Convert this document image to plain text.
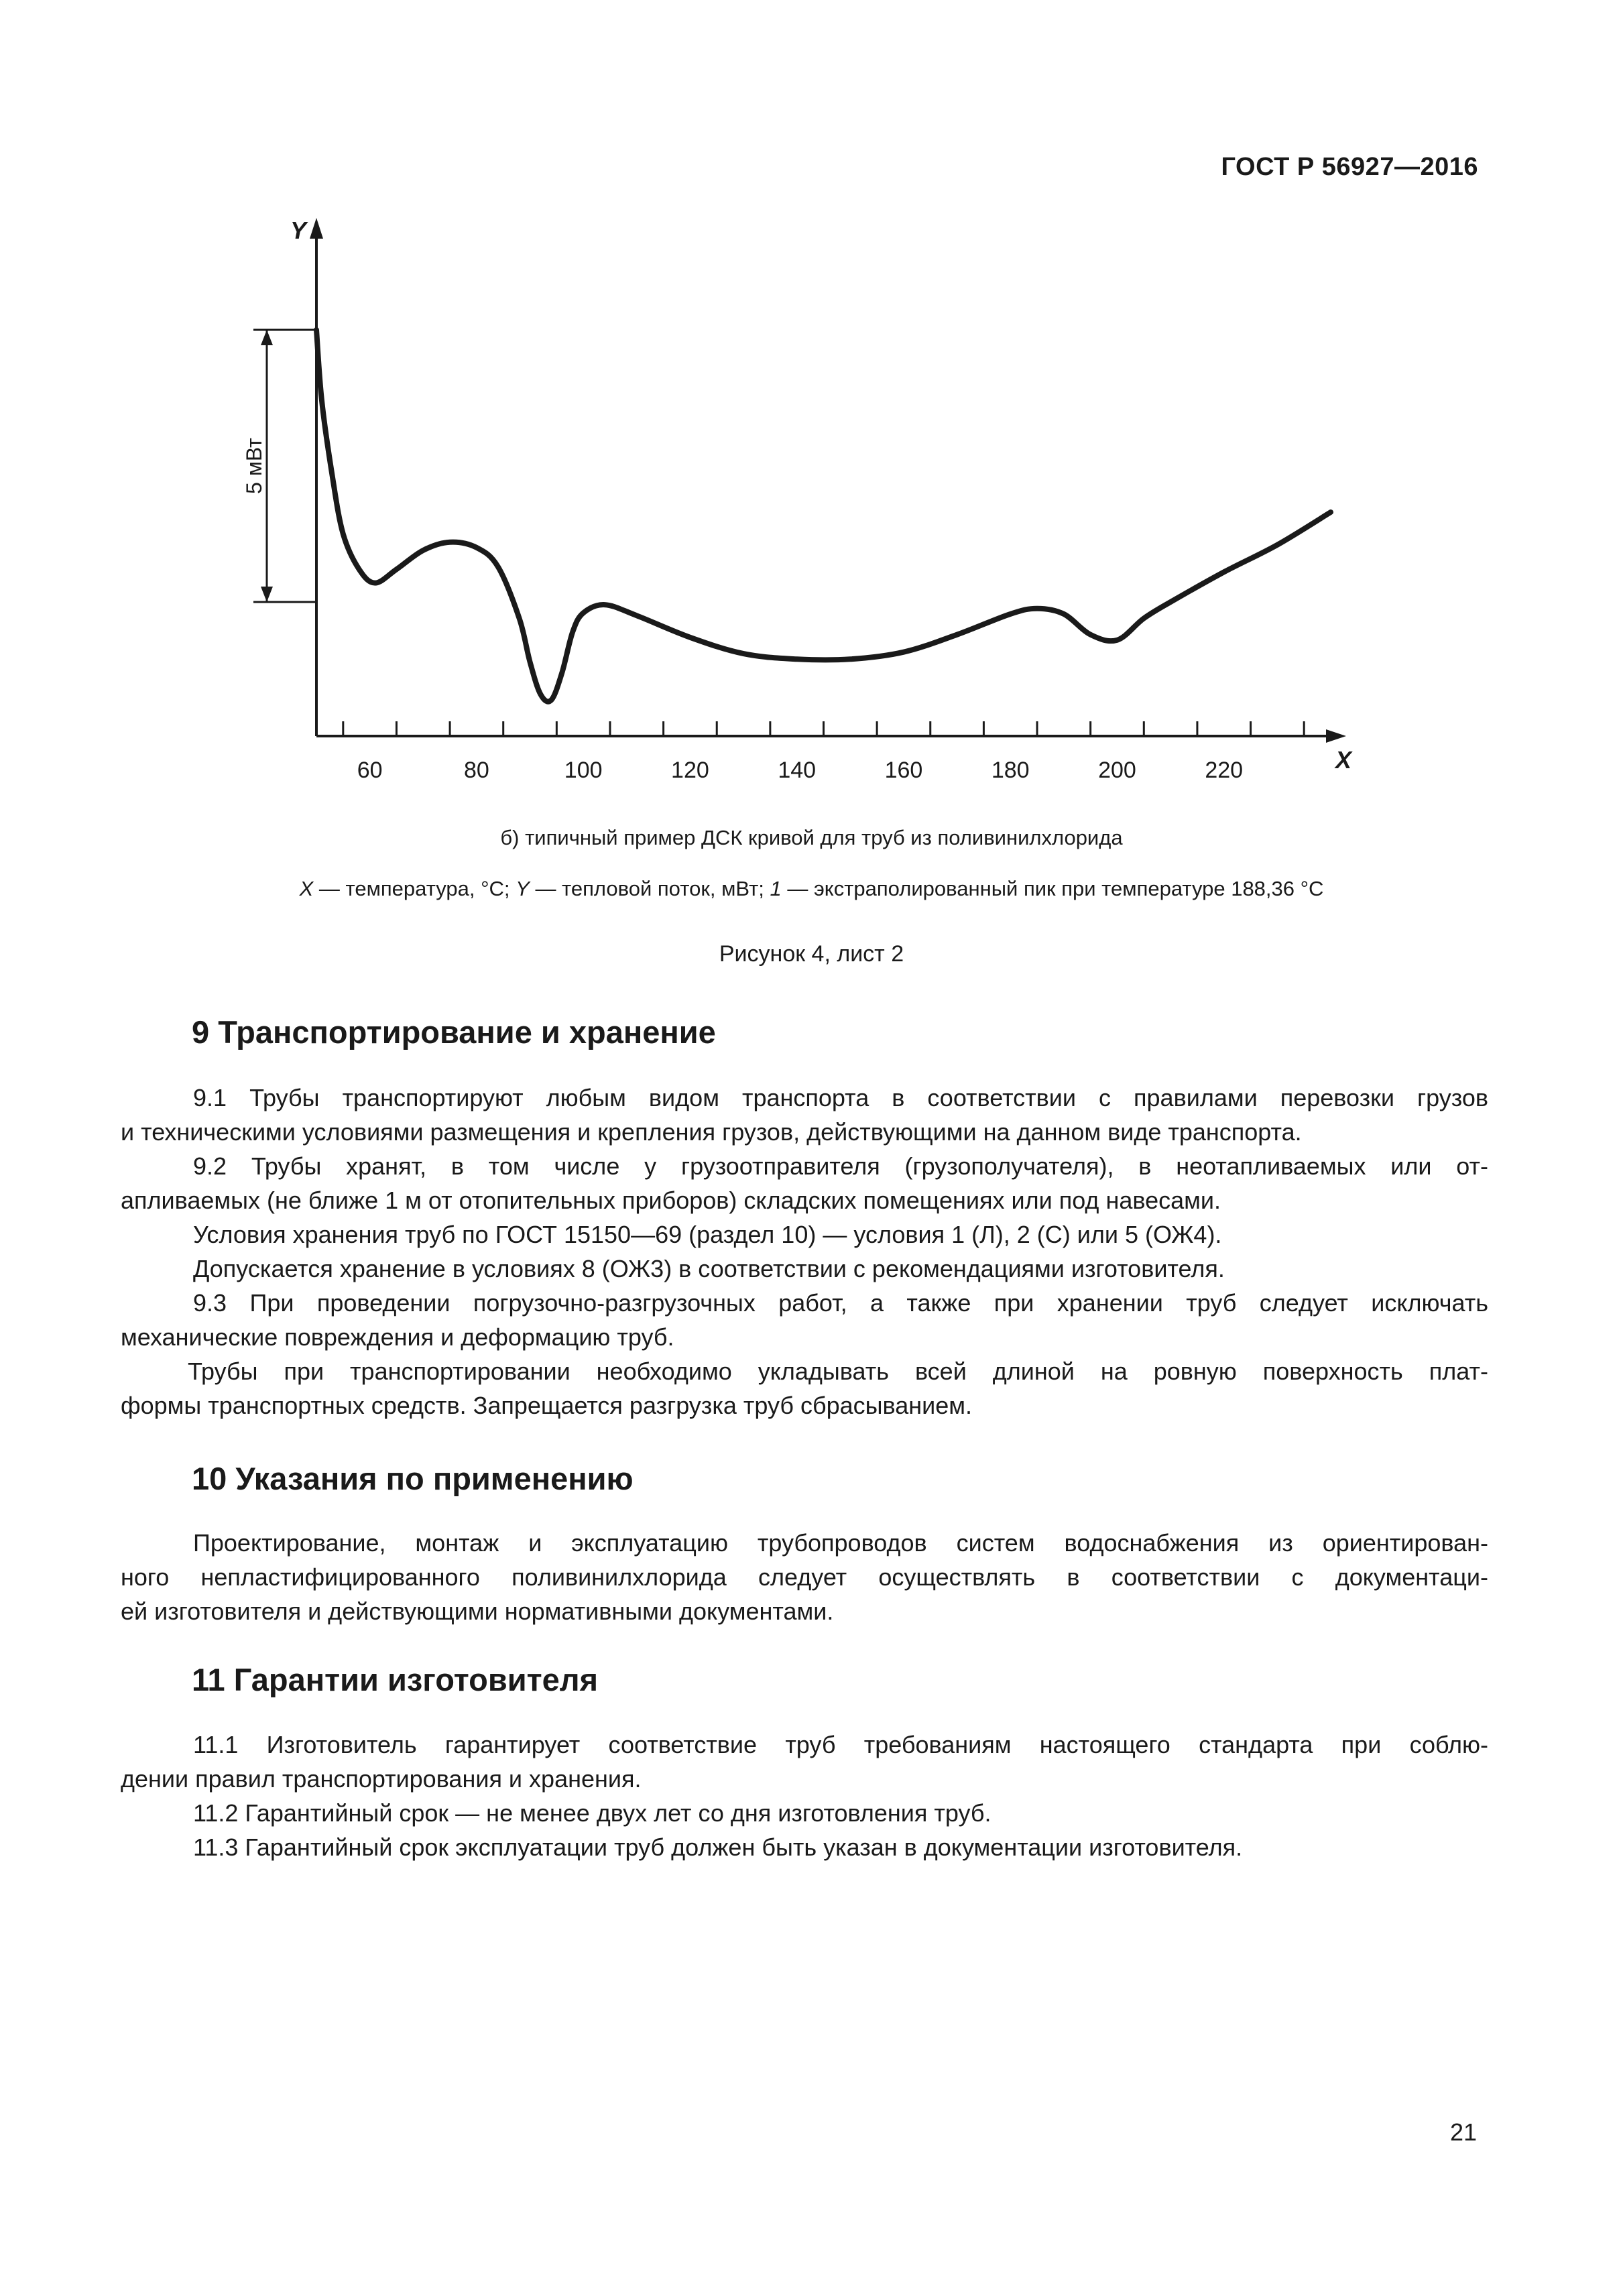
ГОСТ Р 56927—2016
60	80	100	120	140	160	180	200	220
Y
X
5 мВт
б) типичный пример ДСК кривой для труб из поливинилхлорида
X — температура, °С; Y — тепловой поток, мВт; 1 — экстраполированный пик при температуре 188,36 °С
Рисунок 4, лист 2
9 Транспортирование и хранение

9.1 Трубы транспортируют любым видом транспорта в соответствии с правилами перевозки грузов
и техническими условиями размещения и крепления грузов, действующими на данном виде транспорта.

9.2 Трубы хранят, в том числе у грузоотправителя (грузополучателя), в неотапливаемых или от-
апливаемых (не ближе 1 м от отопительных приборов) складских помещениях или под навесами.

Условия хранения труб по ГОСТ 15150—69 (раздел 10) — условия 1 (Л), 2 (С) или 5 (ОЖ4).

Допускается хранение в условиях 8 (ОЖ3) в соответствии с рекомендациями изготовителя.

9.3 При проведении погрузочно-разгрузочных работ, а также при хранении труб следует исключать
механические повреждения и деформацию труб.

Трубы при транспортировании необходимо укладывать всей длиной на ровную поверхность плат-
формы транспортных средств. Запрещается разгрузка труб сбрасыванием.

10 Указания по применению

Проектирование, монтаж и эксплуатацию трубопроводов систем водоснабжения из ориентирован-
ного непластифицированного поливинилхлорида следует осуществлять в соответствии с документаци-
ей изготовителя и действующими нормативными документами.

11 Гарантии изготовителя

11.1 Изготовитель гарантирует соответствие труб требованиям настоящего стандарта при соблю-
дении правил транспортирования и хранения.

11.2 Гарантийный срок — не менее двух лет со дня изготовления труб.

11.3 Гарантийный срок эксплуатации труб должен быть указан в документации изготовителя.

21
